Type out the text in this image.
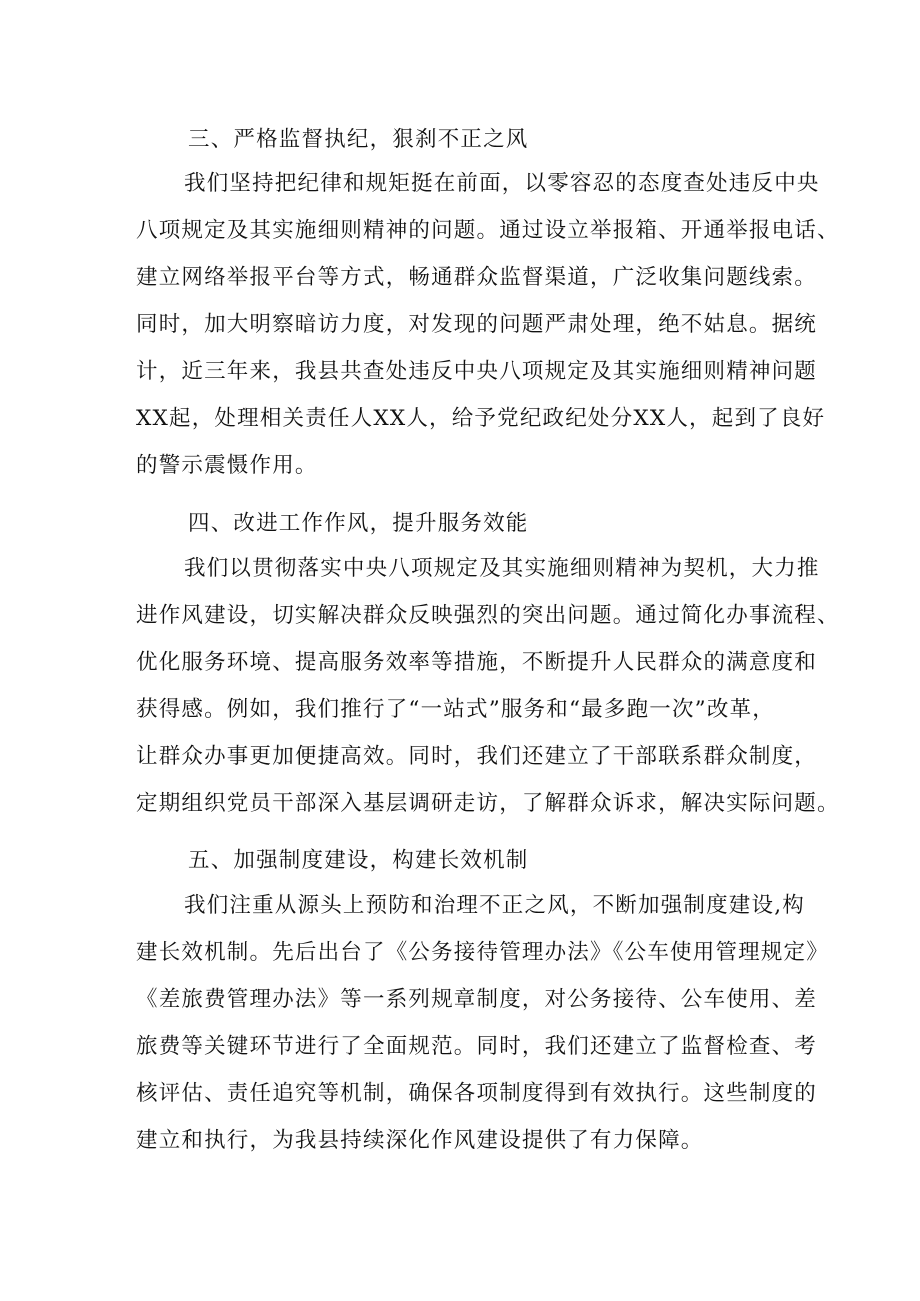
三、严格监督执纪，狠刹不正之风
我们坚持把纪律和规矩挺在前面，以零容忍的态度查处违反中央
八项规定及其实施细则精神的问题。通过设立举报箱、开通举报电话、
建立网络举报平台等方式，畅通群众监督渠道，广泛收集问题线索。
同时，加大明察暗访力度，对发现的问题严肃处理，绝不姑息。据统
计，近三年来，我县共查处违反中央八项规定及其实施细则精神问题
XX起，处理相关责任人XX人，给予党纪政纪处分XX人，起到了良好
的警示震慑作用。
四、改进工作作风，提升服务效能
我们以贯彻落实中央八项规定及其实施细则精神为契机，大力推
进作风建设，切实解决群众反映强烈的突出问题。通过简化办事流程、
优化服务环境、提高服务效率等措施，不断提升人民群众的满意度和
获得感。例如，我们推行了“一站式”服务和“最多跑一次”改革，
让群众办事更加便捷高效。同时，我们还建立了干部联系群众制度，
定期组织党员干部深入基层调研走访，了解群众诉求，解决实际问题。
五、加强制度建设，构建长效机制
我们注重从源头上预防和治理不正之风，不断加强制度建设,构
建长效机制。先后出台了《公务接待管理办法》《公车使用管理规定》
《差旅费管理办法》等一系列规章制度，对公务接待、公车使用、差
旅费等关键环节进行了全面规范。同时，我们还建立了监督检查、考
核评估、责任追究等机制，确保各项制度得到有效执行。这些制度的
建立和执行，为我县持续深化作风建设提供了有力保障。
